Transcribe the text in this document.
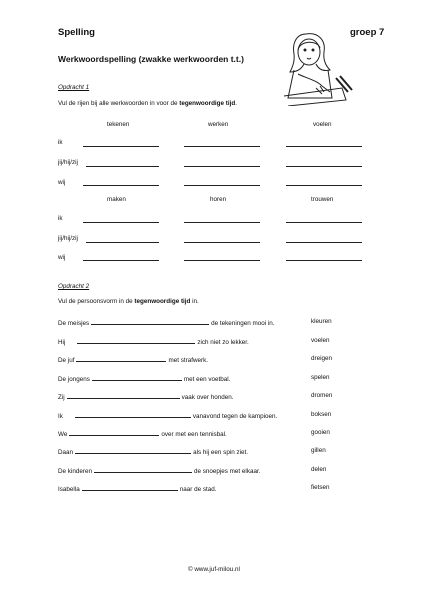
Spelling	groep 7
Werkwoordspelling (zwakke werkwoorden t.t.)
Opdracht 1
Vul de rijen bij alle werkwoorden in voor de tegenwoordige tijd.
tekenen	werken	voelen
ik
jij/hij/zij
wij
maken	horen	trouwen
ik
jij/hij/zij
wij
Opdracht 2
Vul de persoonsvorm in de tegenwoordige tijd in.
De meisjes	de tekeningen mooi in.	kleuren
Hij	zich niet zo lekker.	voelen
De juf	met strafwerk.	dreigen
De jongens	met een voetbal.	spelen
Zij	vaak over honden.	dromen
Ik	vanavond tegen de kampioen.	boksen
We	over met een tennisbal.	gooien
Daan	als hij een spin ziet.	gillen
De kinderen	de snoepjes met elkaar.	delen
Isabella	naar de stad.	fietsen
© www.juf-milou.nl
